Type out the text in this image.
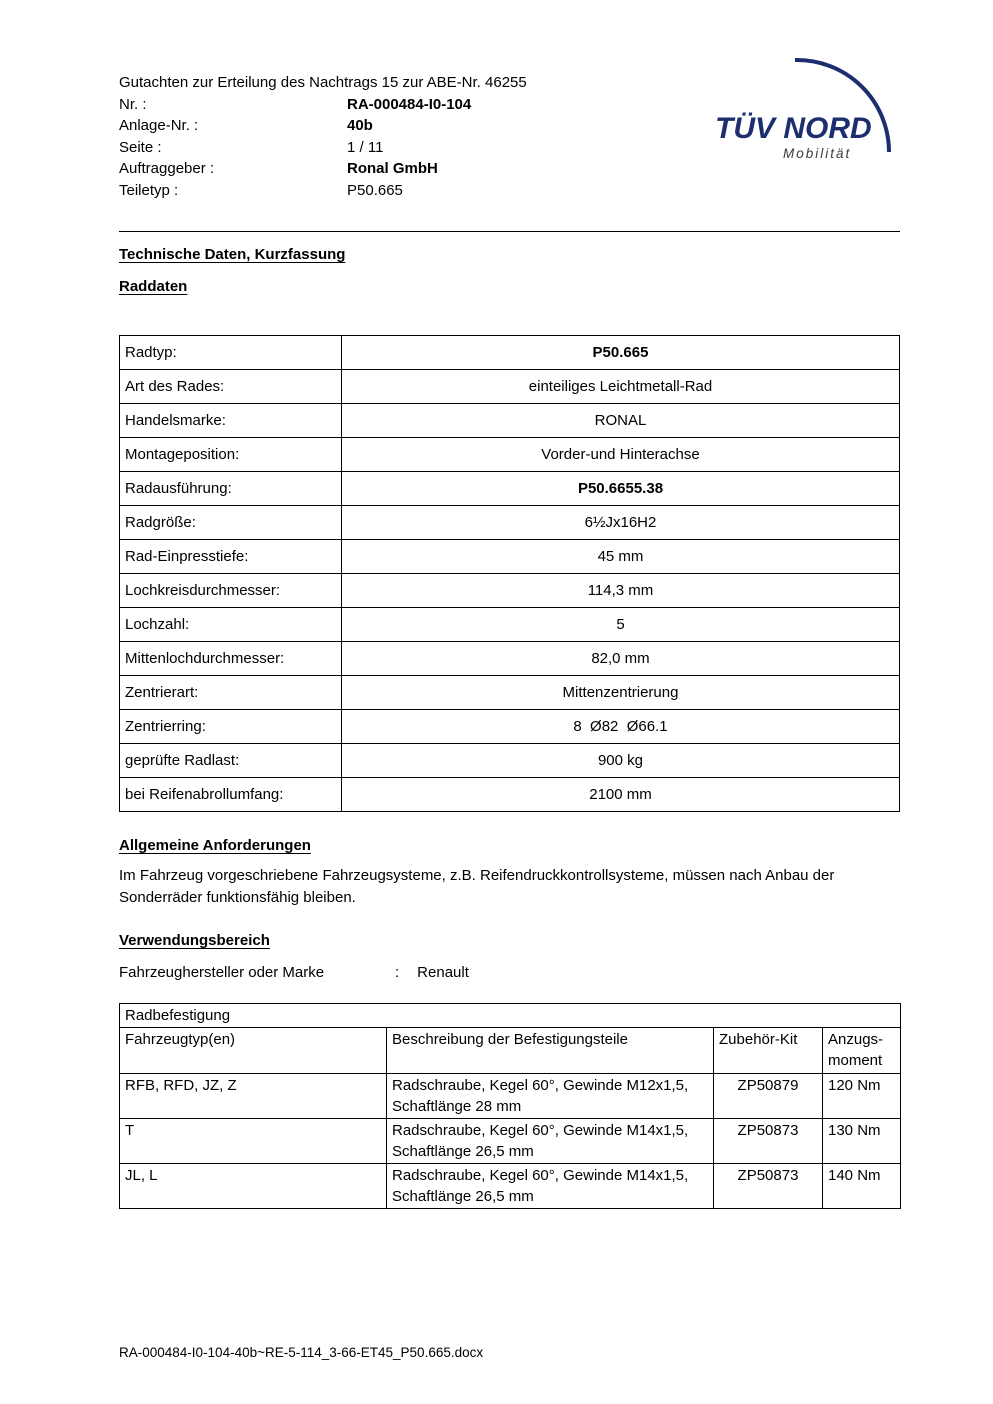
Gutachten zur Erteilung des Nachtrags 15 zur ABE-Nr. 46255
Nr. :	RA-000484-I0-104
Anlage-Nr. :	40b
Seite :	1 / 11
Auftraggeber :	Ronal GmbH
Teiletyp :	P50.665
TÜV NORD
Mobilität
Technische Daten, Kurzfassung
Raddaten
Radtyp:	P50.665
Art des Rades:	einteiliges Leichtmetall-Rad
Handelsmarke:	RONAL
Montageposition:	Vorder-und Hinterachse
Radausführung:	P50.6655.38
Radgröße:	6½Jx16H2
Rad-Einpresstiefe:	45 mm
Lochkreisdurchmesser:	114,3 mm
Lochzahl:	5
Mittenlochdurchmesser:	82,0 mm
Zentrierart:	Mittenzentrierung
Zentrierring:	8  Ø82  Ø66.1
geprüfte Radlast:	900 kg
bei Reifenabrollumfang:	2100 mm
Allgemeine Anforderungen
Im Fahrzeug vorgeschriebene Fahrzeugsysteme, z.B. Reifendruckkontrollsysteme, müssen nach Anbau der Sonderräder funktionsfähig bleiben.
Verwendungsbereich
Fahrzeughersteller oder Marke	: Renault
Radbefestigung			
Fahrzeugtyp(en)	Beschreibung der Befestigungsteile	Zubehör-Kit	Anzugs-moment
RFB, RFD, JZ, Z	Radschraube, Kegel 60°, Gewinde M12x1,5, Schaftlänge 28 mm	ZP50879	120 Nm
T	Radschraube, Kegel 60°, Gewinde M14x1,5, Schaftlänge 26,5 mm	ZP50873	130 Nm
JL, L	Radschraube, Kegel 60°, Gewinde M14x1,5, Schaftlänge 26,5 mm	ZP50873	140 Nm
RA-000484-I0-104-40b~RE-5-114_3-66-ET45_P50.665.docx
